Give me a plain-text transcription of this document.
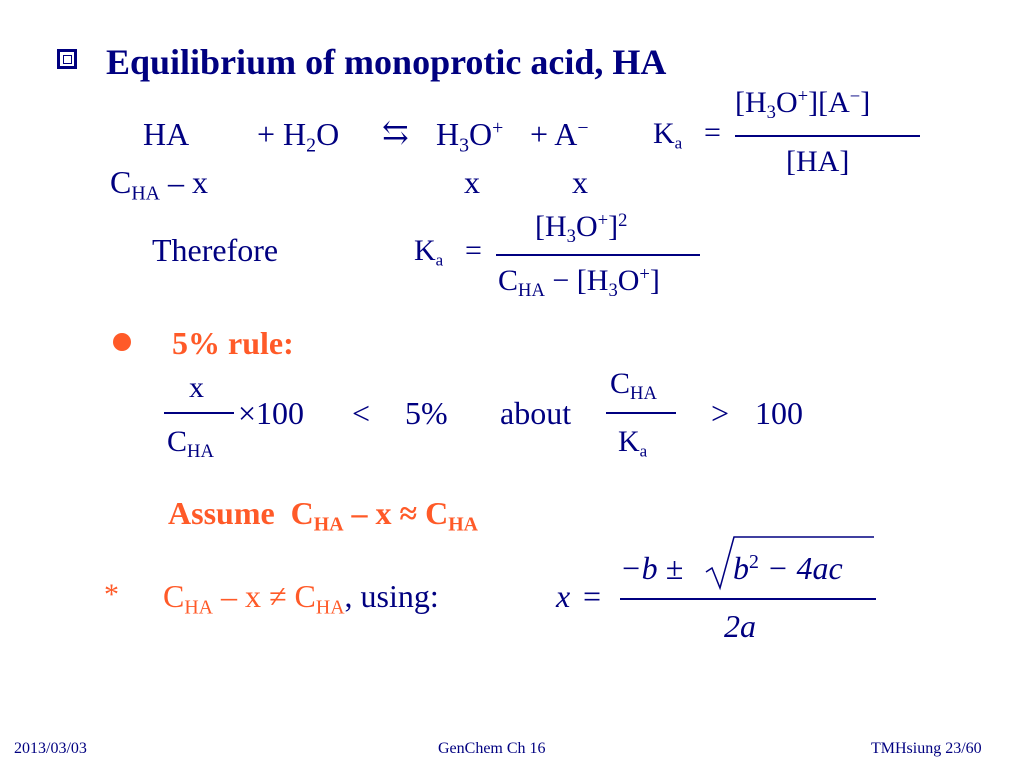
Equilibrium of monoprotic acid, HA
HA + $H_2O$ ⇆ $H_3O^+ + A^-$ $K_a$ =
$[H_3O^+][A^-]$
[HA]
$C_{HA}$ – x	x	x
Therefore	$K_a$ =
$[H_3O^+]^2$
$C_{HA} - [H_3O^+]$
5% rule:
x
$C_{HA}$
×100 < 5% about
$C_{HA}$
$K_a$
> 100
Assume $C_{HA} - x \approx C_{HA}$
* $C_{HA} - x \ne C_{HA}$, using:	x =
$-b \pm b^2 - 4ac$
2a
2013/03/03	GenChem Ch 16	TMHsiung 23/60
